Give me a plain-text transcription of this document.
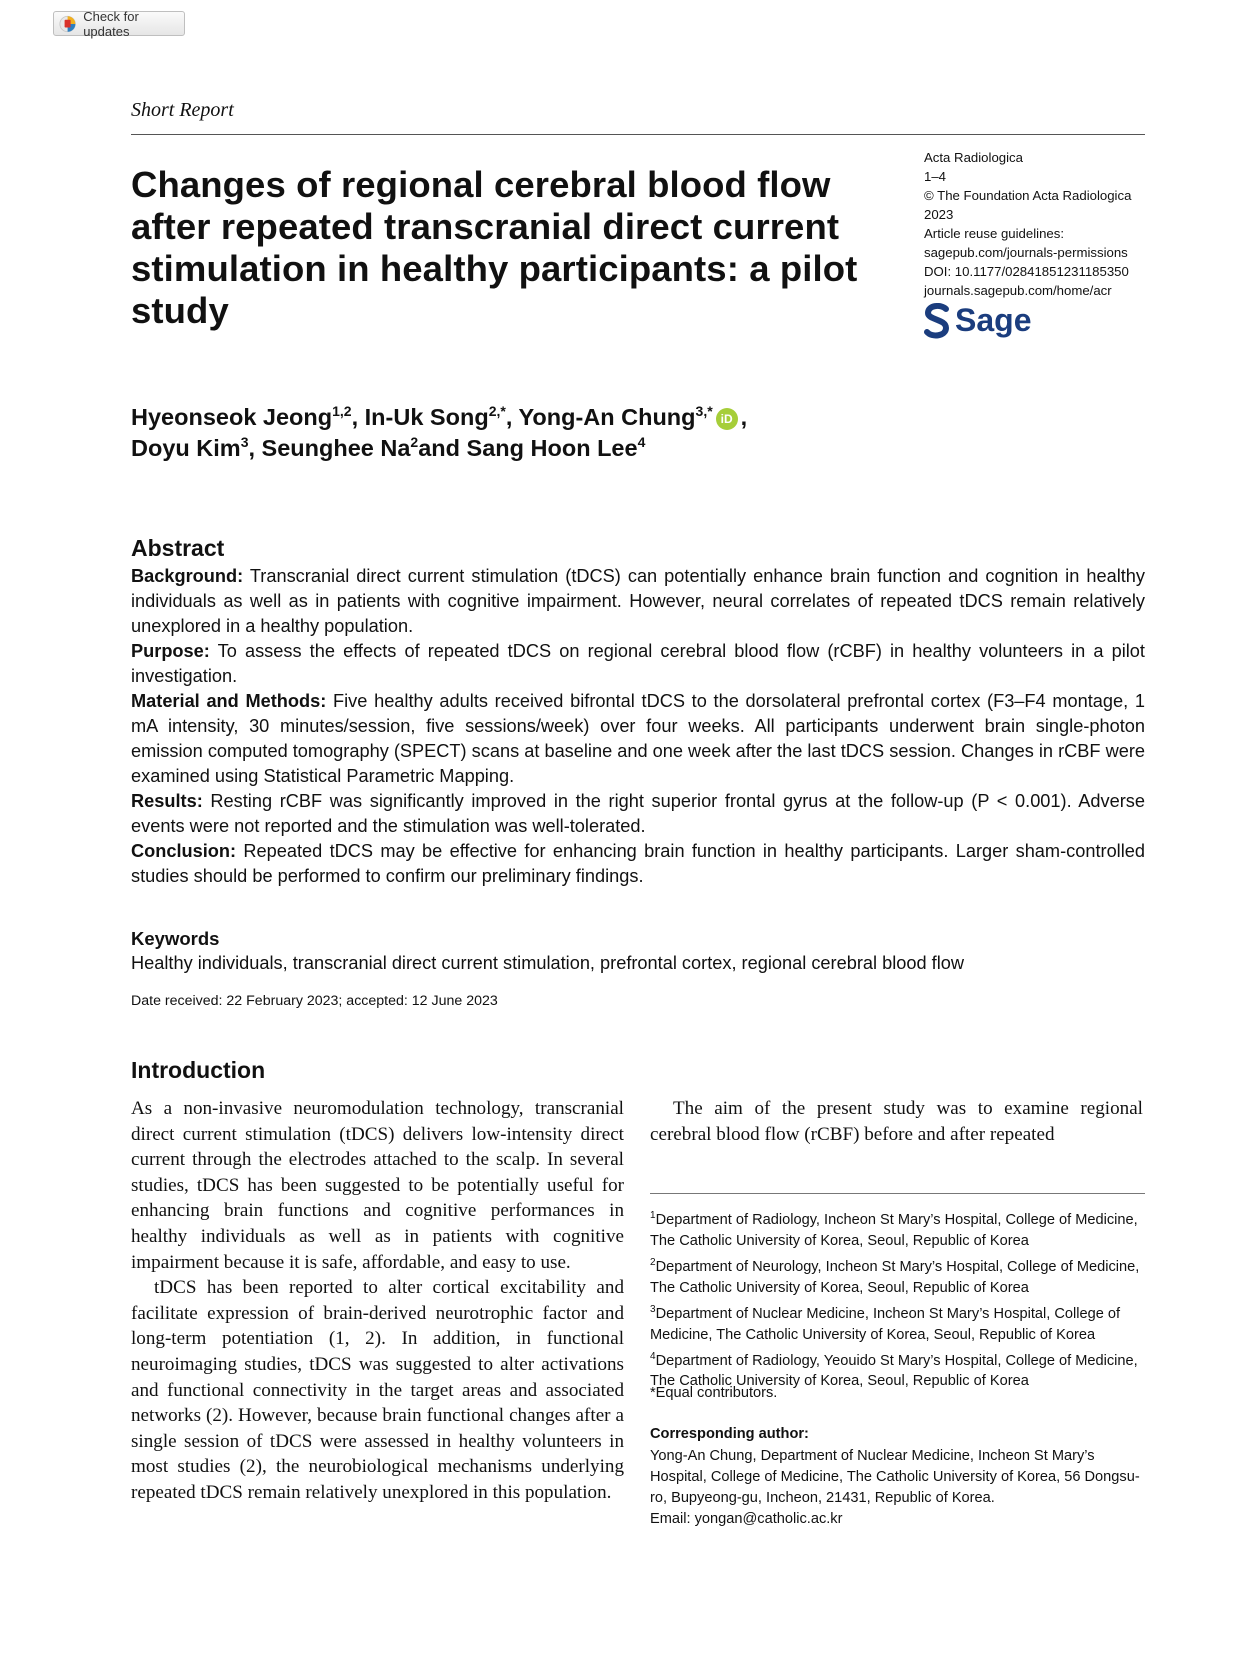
Check for updates
Short Report
Changes of regional cerebral blood flow after repeated transcranial direct current stimulation in healthy participants: a pilot study
Acta Radiologica
1–4
© The Foundation Acta Radiologica
2023
Article reuse guidelines:
sagepub.com/journals-permissions
DOI: 10.1177/02841851231185350
journals.sagepub.com/home/acr
Sage
Hyeonseok Jeong$^{1,2}$, In-Uk Song$^{2,*}$, Yong-An Chung$^{3,*}$ iD ,
Doyu Kim$^3$, Seunghee Na$^2$and Sang Hoon Lee$^4$
Abstract

Background: Transcranial direct current stimulation (tDCS) can potentially enhance brain function and cognition in healthy individuals as well as in patients with cognitive impairment. However, neural correlates of repeated tDCS remain relatively unexplored in a healthy population.

Purpose: To assess the effects of repeated tDCS on regional cerebral blood flow (rCBF) in healthy volunteers in a pilot investigation.

Material and Methods: Five healthy adults received bifrontal tDCS to the dorsolateral prefrontal cortex (F3–F4 montage, 1 mA intensity, 30 minutes/session, five sessions/week) over four weeks. All participants underwent brain single-photon emission computed tomography (SPECT) scans at baseline and one week after the last tDCS session. Changes in rCBF were examined using Statistical Parametric Mapping.

Results: Resting rCBF was significantly improved in the right superior frontal gyrus at the follow-up (P < 0.001). Adverse events were not reported and the stimulation was well-tolerated.

Conclusion: Repeated tDCS may be effective for enhancing brain function in healthy participants. Larger sham-controlled studies should be performed to confirm our preliminary findings.

Keywords
Healthy individuals, transcranial direct current stimulation, prefrontal cortex, regional cerebral blood flow
Date received: 22 February 2023; accepted: 12 June 2023
Introduction

As a non-invasive neuromodulation technology, transcranial direct current stimulation (tDCS) delivers low-intensity direct current through the electrodes attached to the scalp. In several studies, tDCS has been suggested to be potentially useful for enhancing brain functions and cognitive performances in healthy individuals as well as in patients with cognitive impairment because it is safe, affordable, and easy to use.

tDCS has been reported to alter cortical excitability and facilitate expression of brain-derived neurotrophic factor and long-term potentiation (1, 2). In addition, in functional neuroimaging studies, tDCS was suggested to alter activations and functional connectivity in the target areas and associated networks (2). However, because brain functional changes after a single session of tDCS were assessed in healthy volunteers in most studies (2), the neurobiological mechanisms underlying repeated tDCS remain relatively unexplored in this population.

The aim of the present study was to examine regional cerebral blood flow (rCBF) before and after repeated

$^1$Department of Radiology, Incheon St Mary’s Hospital, College of Medicine, The Catholic University of Korea, Seoul, Republic of Korea
$^2$Department of Neurology, Incheon St Mary’s Hospital, College of Medicine, The Catholic University of Korea, Seoul, Republic of Korea
$^3$Department of Nuclear Medicine, Incheon St Mary’s Hospital, College of Medicine, The Catholic University of Korea, Seoul, Republic of Korea
$^4$Department of Radiology, Yeouido St Mary’s Hospital, College of Medicine, The Catholic University of Korea, Seoul, Republic of Korea
*Equal contributors.
Corresponding author:
Yong-An Chung, Department of Nuclear Medicine, Incheon St Mary’s Hospital, College of Medicine, The Catholic University of Korea, 56 Dongsu-ro, Bupyeong-gu, Incheon, 21431, Republic of Korea.
Email: yongan@catholic.ac.kr
